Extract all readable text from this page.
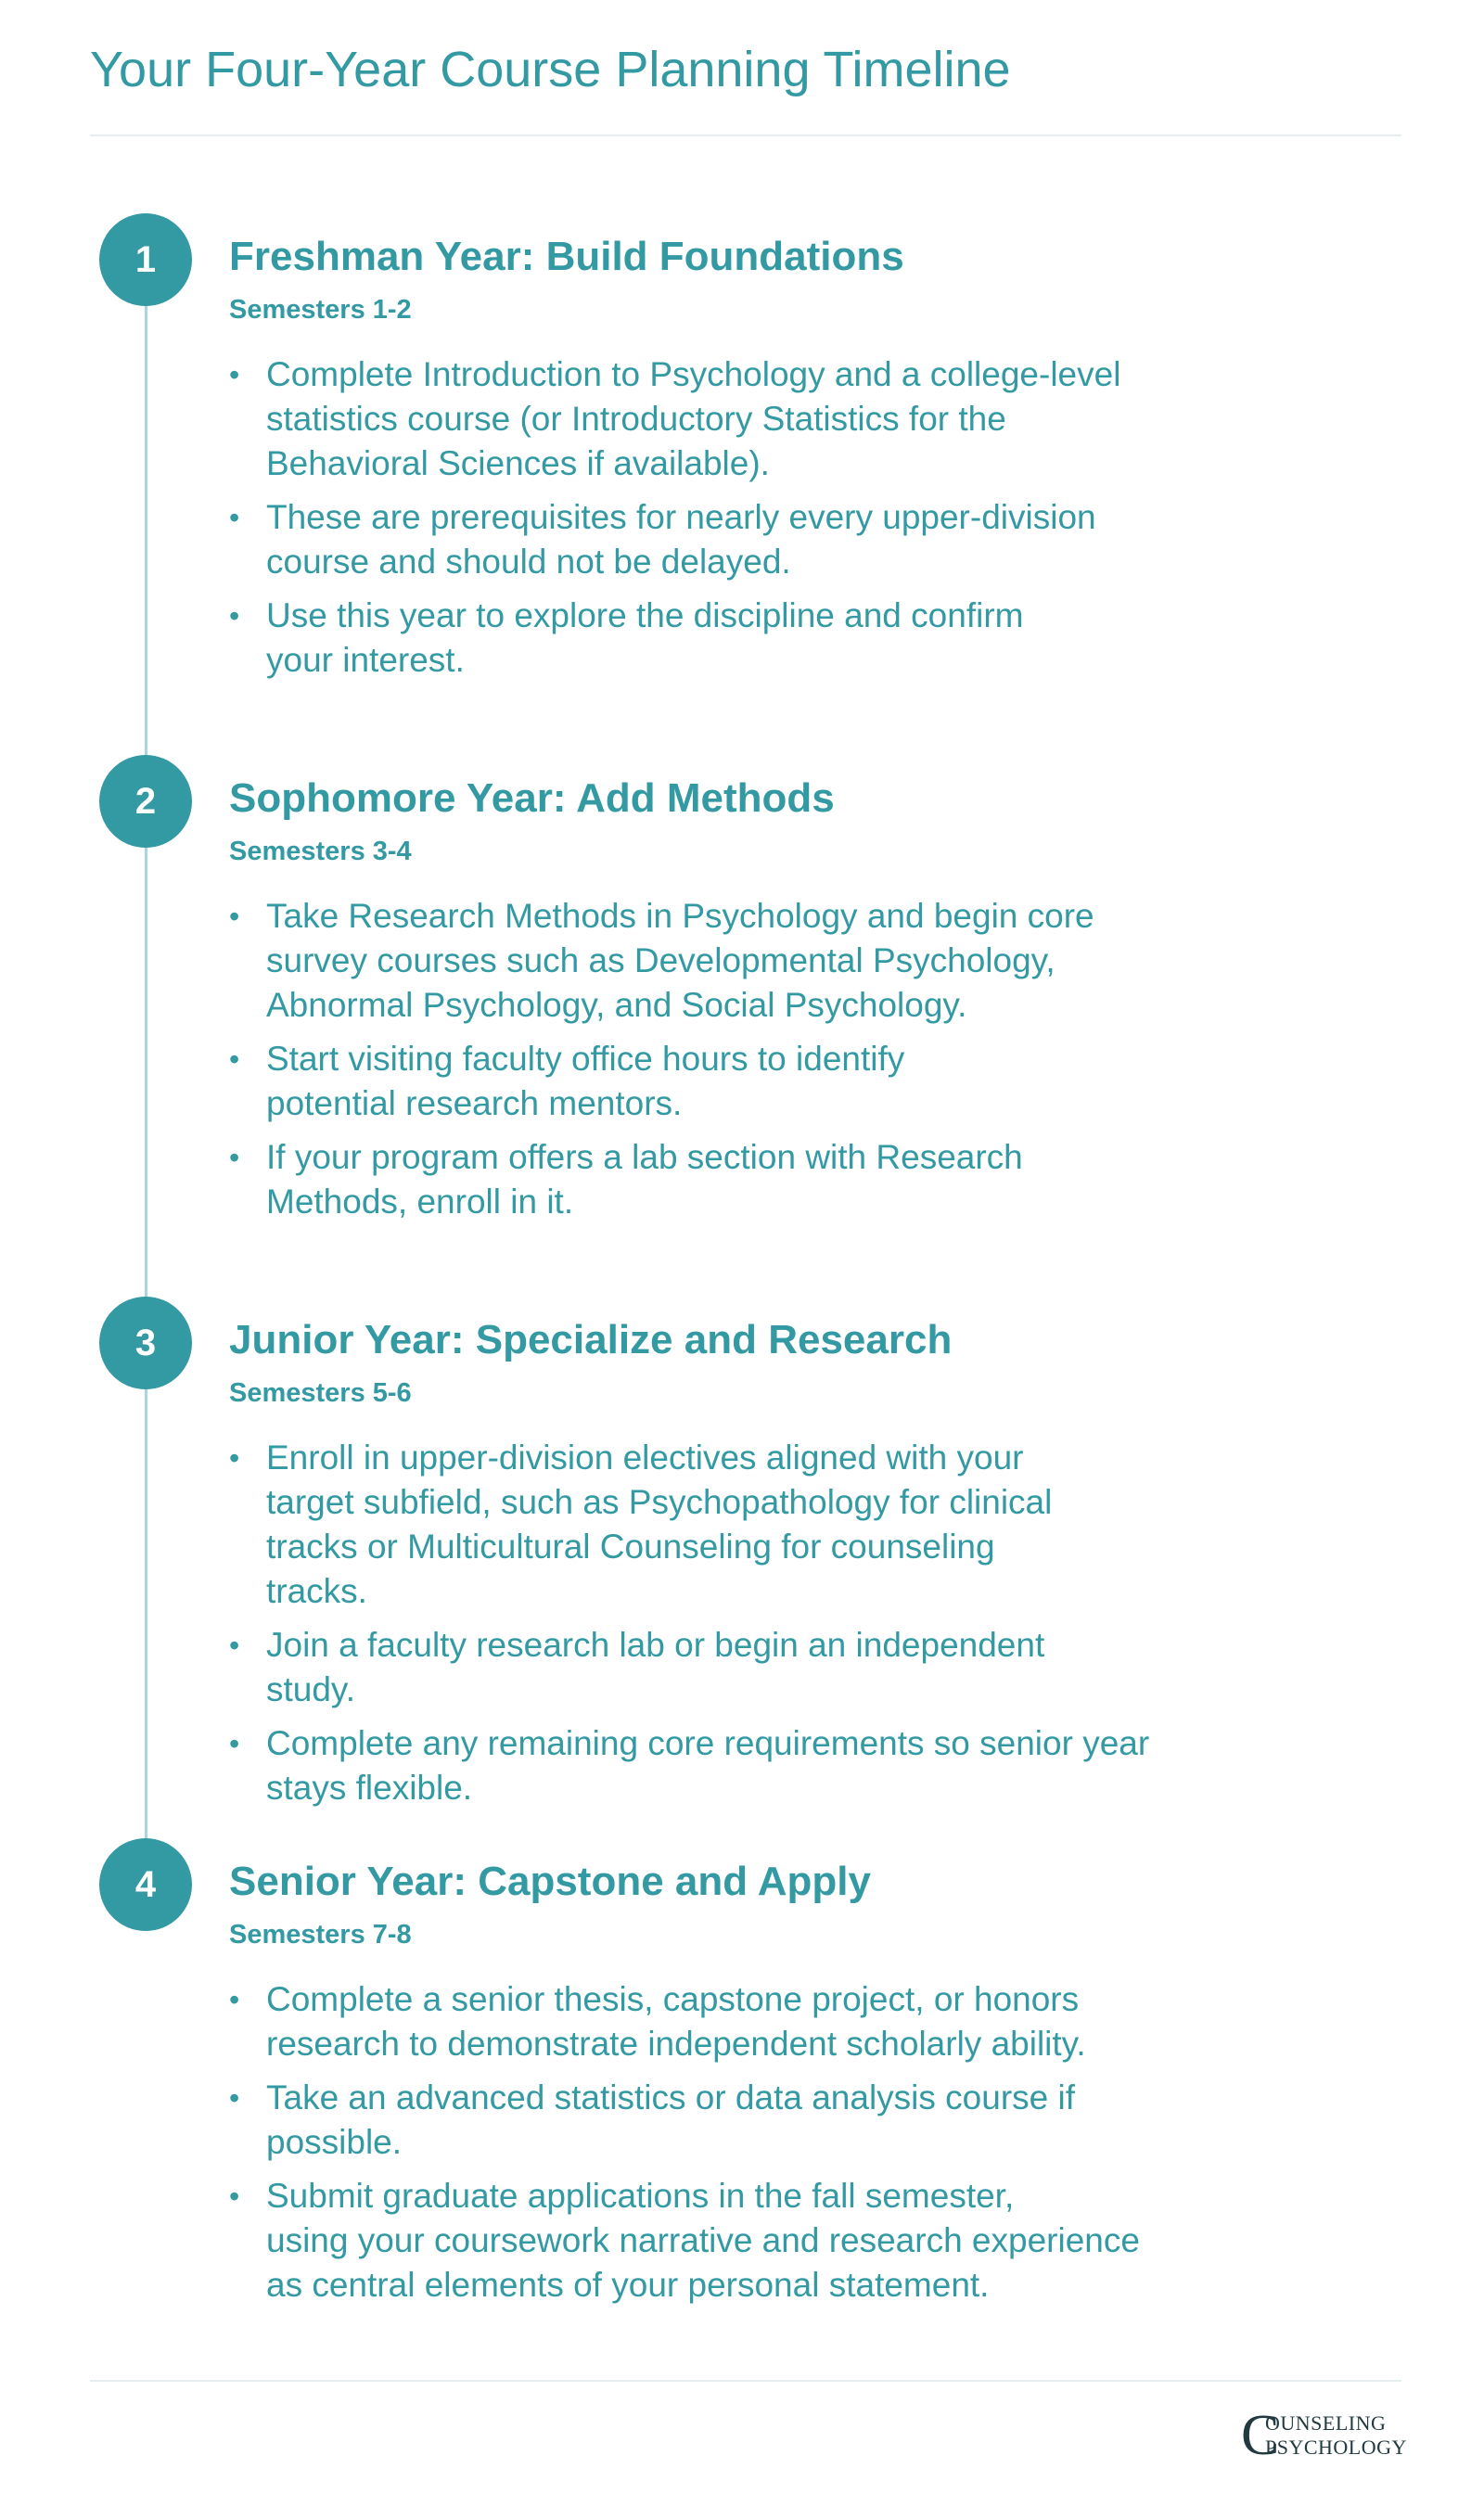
Your Four-Year Course Planning Timeline
1	Freshman Year: Build Foundations

Semesters 1-2

• Complete Introduction to Psychology and a college-level
statistics course (or Introductory Statistics for the
Behavioral Sciences if available).
• These are prerequisites for nearly every upper-division
course and should not be delayed.
• Use this year to explore the discipline and confirm
your interest.
2	Sophomore Year: Add Methods

Semesters 3-4

• Take Research Methods in Psychology and begin core
survey courses such as Developmental Psychology,
Abnormal Psychology, and Social Psychology.
• Start visiting faculty office hours to identify
potential research mentors.
• If your program offers a lab section with Research
Methods, enroll in it.
3	Junior Year: Specialize and Research

Semesters 5-6

• Enroll in upper-division electives aligned with your
target subfield, such as Psychopathology for clinical
tracks or Multicultural Counseling for counseling
tracks.
• Join a faculty research lab or begin an independent
study.
• Complete any remaining core requirements so senior year
stays flexible.
4	Senior Year: Capstone and Apply

Semesters 7-8

• Complete a senior thesis, capstone project, or honors
research to demonstrate independent scholarly ability.
• Take an advanced statistics or data analysis course if
possible.
• Submit graduate applications in the fall semester,
using your coursework narrative and research experience
as central elements of your personal statement.
C
OUNSELING
PSYCHOLOGY
